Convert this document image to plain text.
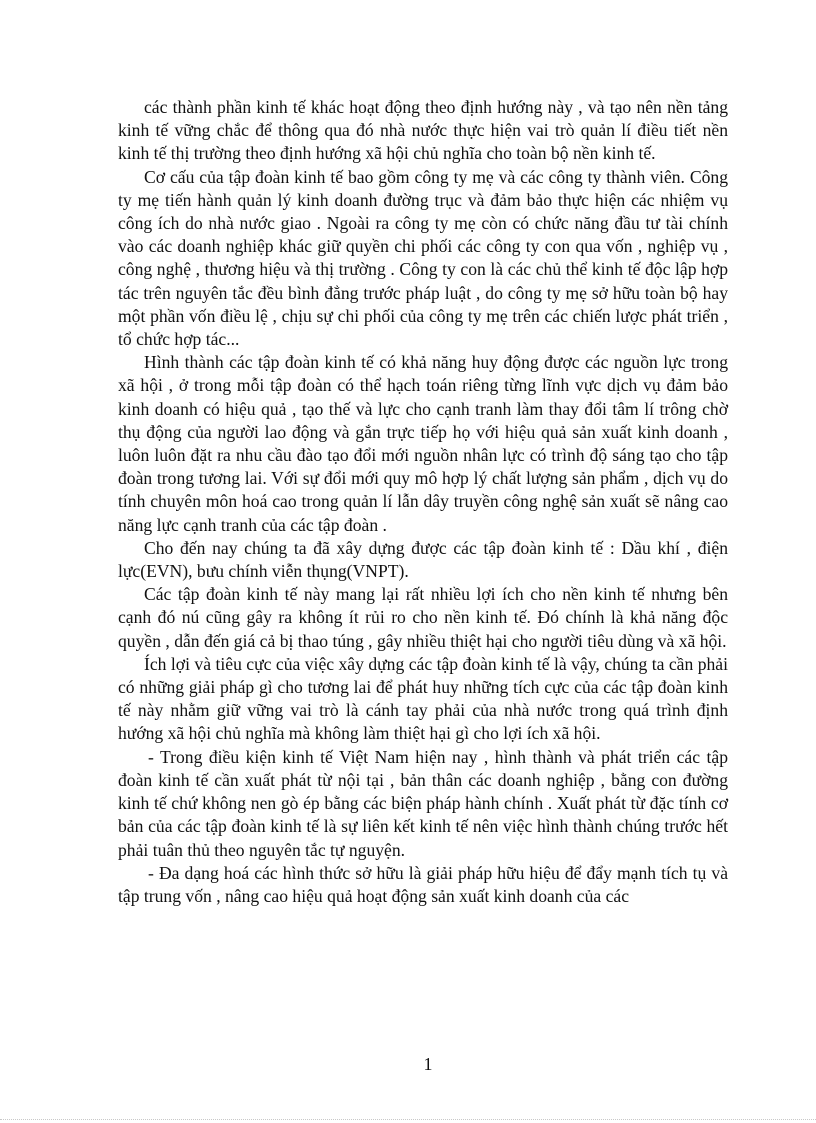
các thành phần kinh tế khác hoạt động theo định hướng này , và tạo nên nền tảng kinh tế vững chắc để thông qua đó nhà nước thực hiện vai trò quản lí điều tiết nền kinh tế thị trường theo định hướng xã hội chủ nghĩa cho toàn bộ nền kinh tế.

Cơ cấu của tập đoàn kinh tế bao gồm công ty mẹ và các công ty thành viên. Công ty mẹ tiến hành quản lý kinh doanh đường trục và đảm bảo thực hiện các nhiệm vụ công ích do nhà nước giao . Ngoài ra công ty mẹ còn có chức năng đầu tư tài chính vào các doanh nghiệp khác giữ quyền chi phối các công ty con qua vốn , nghiệp vụ , công nghệ , thương hiệu và thị trường . Công ty con là các chủ thể kinh tế độc lập hợp tác trên nguyên tắc đều bình đẳng trước pháp luật , do công ty mẹ sở hữu toàn bộ hay một phần vốn điều lệ , chịu sự chi phối của công ty mẹ trên các chiến lược phát triển , tổ chức hợp tác...

Hình thành các tập đoàn kinh tế có khả năng huy động được các nguồn lực trong xã hội , ở trong mỗi tập đoàn có thể hạch toán riêng từng lĩnh vực dịch vụ đảm bảo kinh doanh có hiệu quả , tạo thế và lực cho cạnh tranh làm thay đổi tâm lí trông chờ thụ động của người lao động và gắn trực tiếp họ với hiệu quả sản xuất kinh doanh , luôn luôn đặt ra nhu cầu đào tạo đổi mới nguồn nhân lực có trình độ sáng tạo cho tập đoàn trong tương lai. Với sự đổi mới quy mô hợp lý chất lượng sản phẩm , dịch vụ do tính chuyên môn hoá cao trong quản lí lẫn dây truyền công nghệ sản xuất sẽ nâng cao năng lực cạnh tranh của các tập đoàn .

Cho đến nay chúng ta đã xây dựng được các tập đoàn kinh tế : Dầu khí , điện lực(EVN), bưu chính viễn thụng(VNPT).

Các tập đoàn kinh tế này mang lại rất nhiều lợi ích cho nền kinh tế nhưng bên cạnh đó nú cũng gây ra không ít rủi ro cho nền kinh tế. Đó chính là khả năng độc quyền , dẫn đến giá cả bị thao túng , gây nhiều thiệt hại cho người tiêu dùng và xã hội.

Ích lợi và tiêu cực của việc xây dựng các tập đoàn kinh tế là vậy, chúng ta cần phải có những giải pháp gì cho tương lai để phát huy những tích cực của các tập đoàn kinh tế này nhằm giữ vững vai trò là cánh tay phải của nhà nước trong quá trình định hướng xã hội chủ nghĩa mà không làm thiệt hại gì cho lợi ích xã hội.

- Trong điều kiện kinh tế Việt Nam hiện nay , hình thành và phát triển các tập đoàn kinh tế cần xuất phát từ nội tại , bản thân các doanh nghiệp , bằng con đường kinh tế chứ không nen gò ép bằng các biện pháp hành chính . Xuất phát từ đặc tính cơ bản của các tập đoàn kinh tế là sự liên kết kinh tế nên việc hình thành chúng trước hết phải tuân thủ theo nguyên tắc tự nguyện.

- Đa dạng hoá các hình thức sở hữu là giải pháp hữu hiệu để đẩy mạnh tích tụ và tập trung vốn , nâng cao hiệu quả hoạt động sản xuất kinh doanh của các

1
